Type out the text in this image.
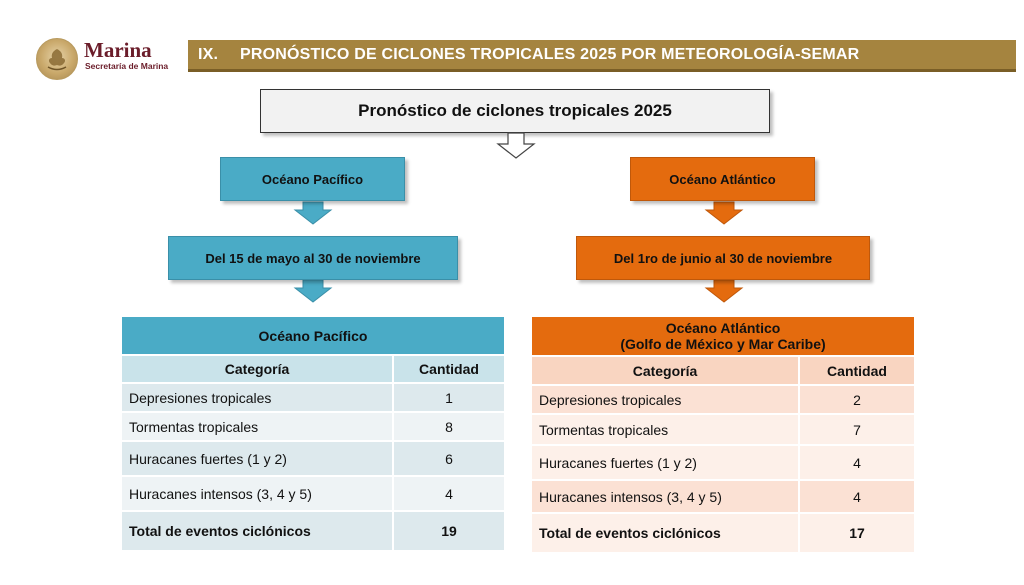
Marina
Secretaría de Marina
IX.	PRONÓSTICO DE CICLONES TROPICALES 2025 POR METEOROLOGÍA-SEMAR
Pronóstico de ciclones tropicales 2025
Océano Pacífico
Del 15 de mayo al 30 de noviembre
Océano Atlántico
Del 1ro de junio al 30 de noviembre
Océano Pacífico	
Categoría	Cantidad
Depresiones tropicales	1
Tormentas tropicales	8
Huracanes fuertes (1 y 2)	6
Huracanes intensos (3, 4 y 5)	4
Total de eventos ciclónicos	19
Océano Atlántico
(Golfo de México y Mar Caribe)	

Categoría	Cantidad
Depresiones tropicales	2
Tormentas tropicales	7
Huracanes fuertes (1 y 2)	4
Huracanes intensos (3, 4 y 5)	4
Total de eventos ciclónicos	17
